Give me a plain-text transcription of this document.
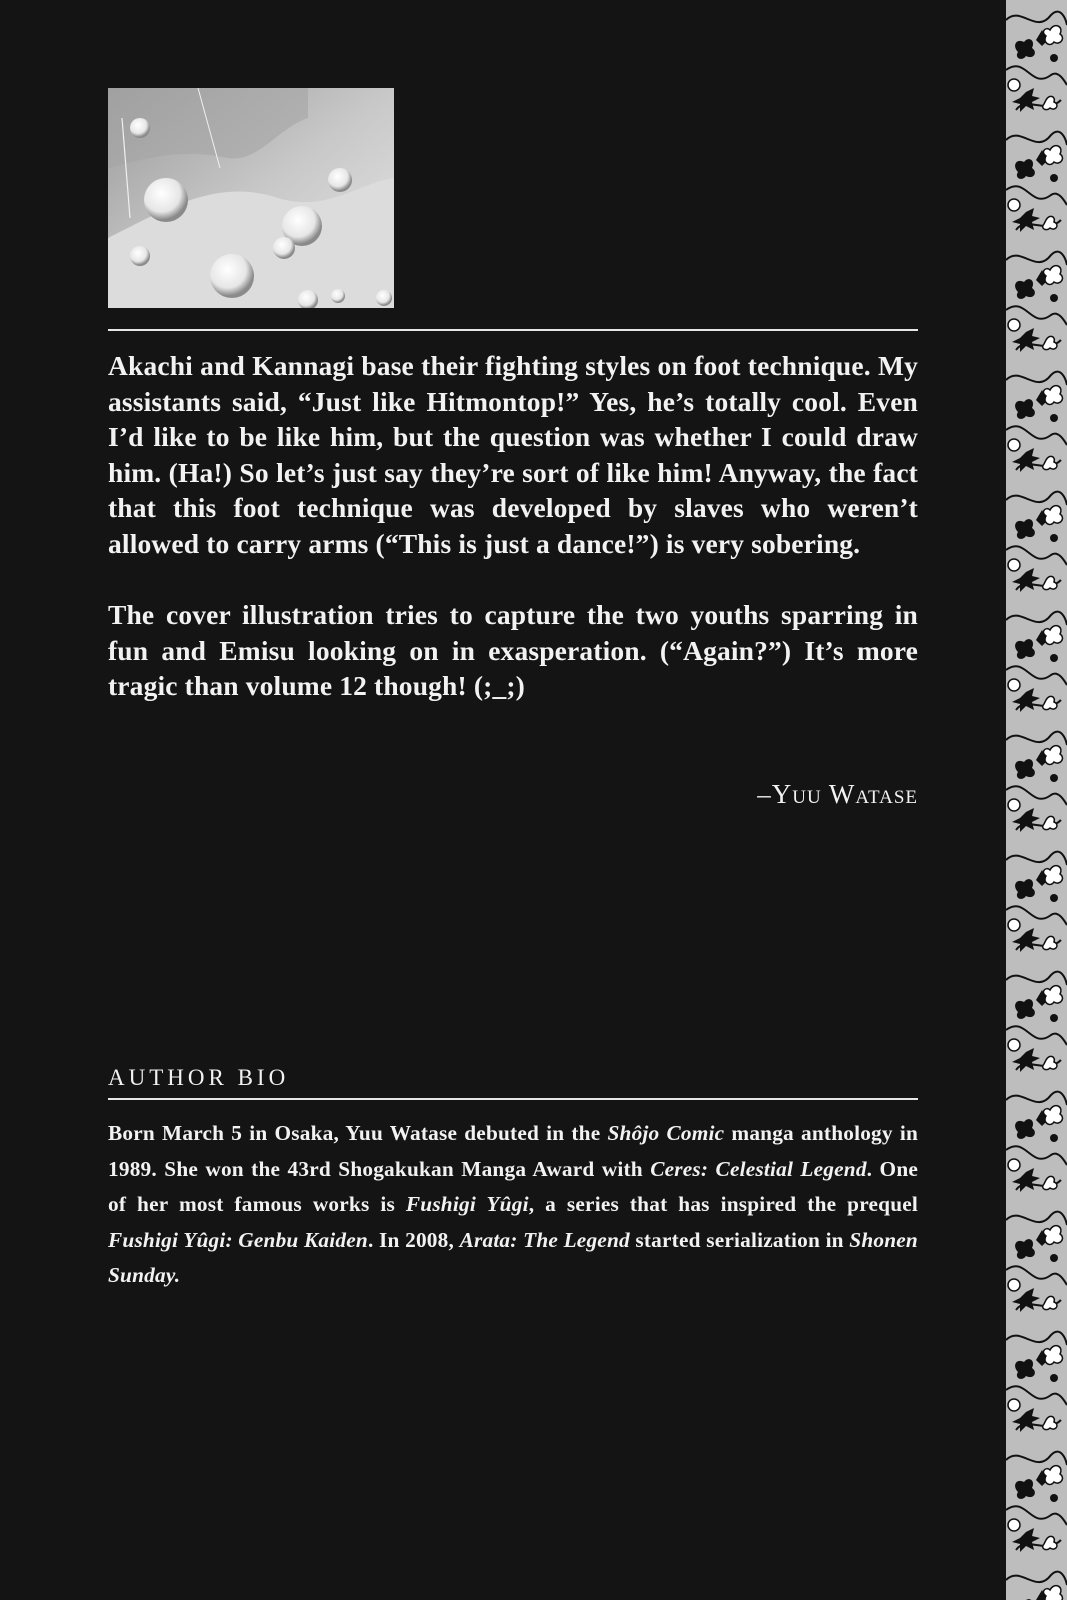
Akachi and Kannagi base their fighting styles on foot technique. My assistants said, “Just like Hitmontop!” Yes, he’s totally cool. Even I’d like to be like him, but the question was whether I could draw him. (Ha!) So let’s just say they’re sort of like him! Anyway, the fact that this foot technique was developed by slaves who weren’t allowed to carry arms (“This is just a dance!”) is very sobering.

The cover illustration tries to capture the two youths sparring in fun and Emisu looking on in exasperation. (“Again?”) It’s more tragic than volume 12 though! (;_;)

–Yuu Watase
AUTHOR BIO

Born March 5 in Osaka, Yuu Watase debuted in the Shôjo Comic manga anthology in 1989. She won the 43rd Shogakukan Manga Award with Ceres: Celestial Legend. One of her most famous works is Fushigi Yûgi, a series that has inspired the prequel Fushigi Yûgi: Genbu Kaiden. In 2008, Arata: The Legend started serialization in Shonen Sunday.
